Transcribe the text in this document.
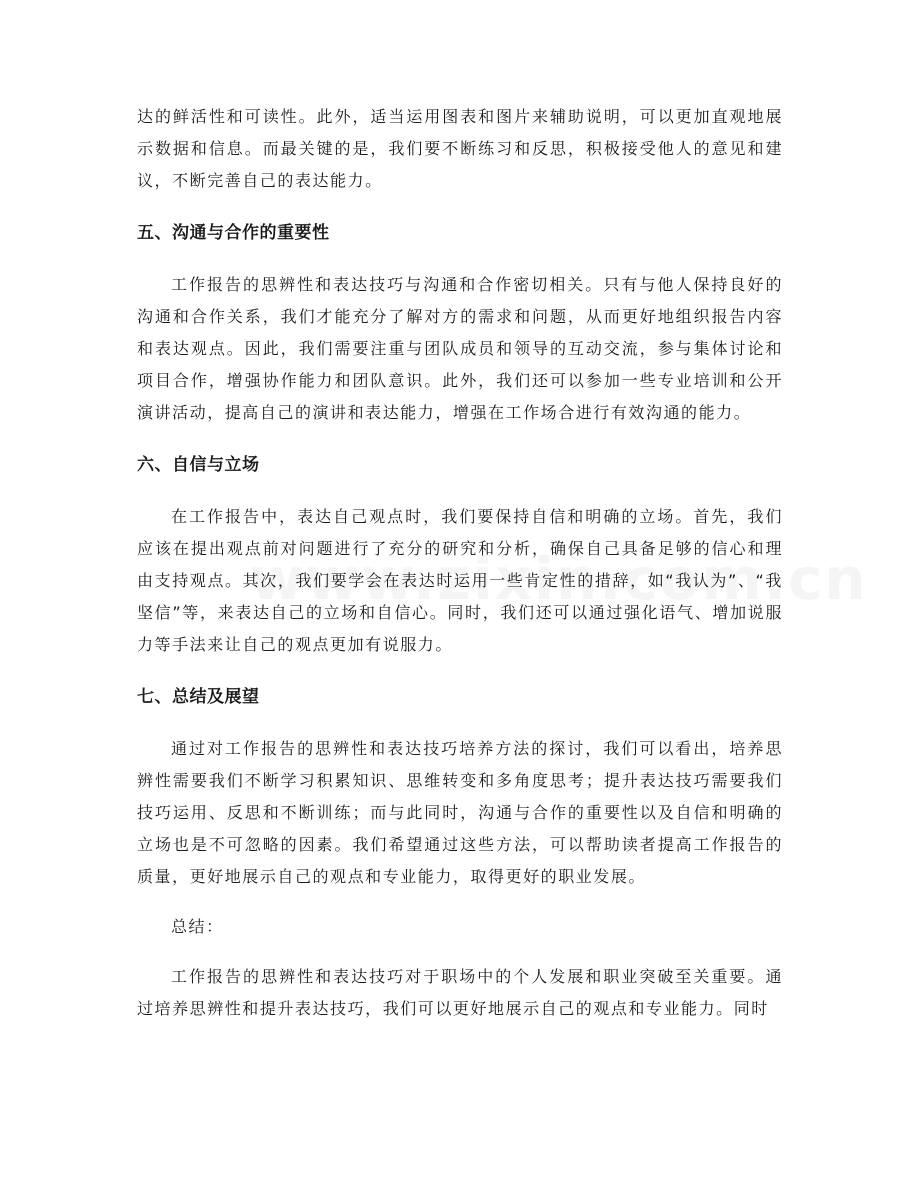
达的鲜活性和可读性。此外，适当运用图表和图片来辅助说明，可以更加直观地展示数据和信息。而最关键的是，我们要不断练习和反思，积极接受他人的意见和建议，不断完善自己的表达能力。

五、沟通与合作的重要性

工作报告的思辨性和表达技巧与沟通和合作密切相关。只有与他人保持良好的沟通和合作关系，我们才能充分了解对方的需求和问题，从而更好地组织报告内容和表达观点。因此，我们需要注重与团队成员和领导的互动交流，参与集体讨论和项目合作，增强协作能力和团队意识。此外，我们还可以参加一些专业培训和公开演讲活动，提高自己的演讲和表达能力，增强在工作场合进行有效沟通的能力。

六、自信与立场

在工作报告中，表达自己观点时，我们要保持自信和明确的立场。首先，我们应该在提出观点前对问题进行了充分的研究和分析，确保自己具备足够的信心和理由支持观点。其次，我们要学会在表达时运用一些肯定性的措辞，如“我认为”、“我坚信”等，来表达自己的立场和自信心。同时，我们还可以通过强化语气、增加说服力等手法来让自己的观点更加有说服力。

七、总结及展望

通过对工作报告的思辨性和表达技巧培养方法的探讨，我们可以看出，培养思辨性需要我们不断学习积累知识、思维转变和多角度思考；提升表达技巧需要我们技巧运用、反思和不断训练；而与此同时，沟通与合作的重要性以及自信和明确的立场也是不可忽略的因素。我们希望通过这些方法，可以帮助读者提高工作报告的质量，更好地展示自己的观点和专业能力，取得更好的职业发展。

总结：

工作报告的思辨性和表达技巧对于职场中的个人发展和职业突破至关重要。通过培养思辨性和提升表达技巧，我们可以更好地展示自己的观点和专业能力。同时
